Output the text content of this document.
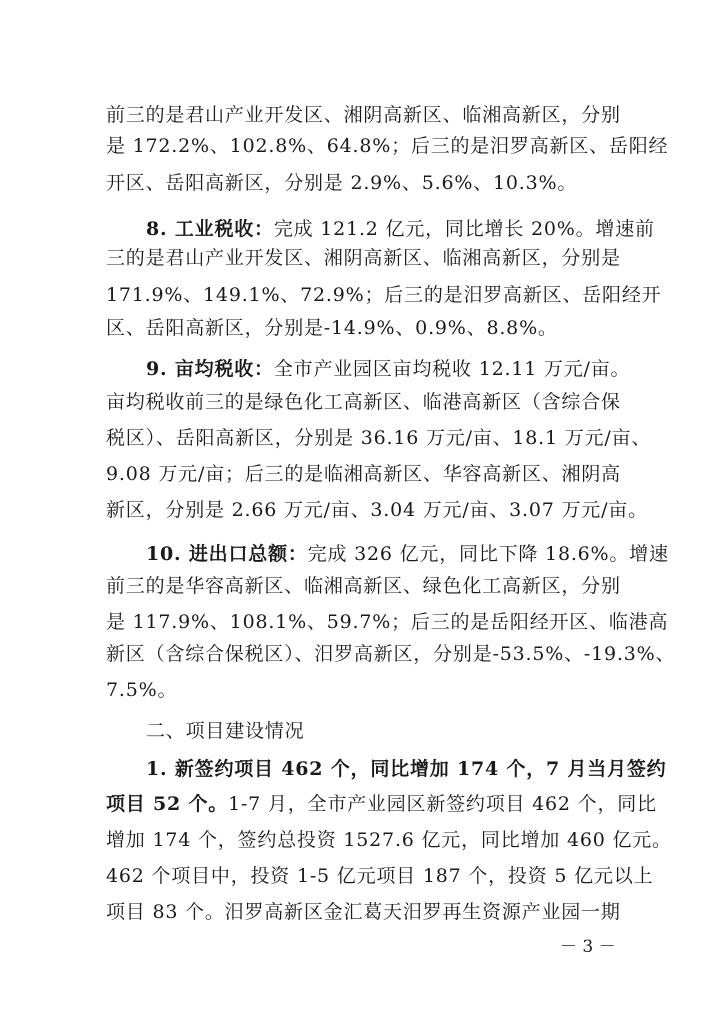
前三的是君山产业开发区、湘阴高新区、临湘高新区，分别
是 172.2%、102.8%、64.8%；后三的是汨罗高新区、岳阳经
开区、岳阳高新区，分别是 2.9%、5.6%、10.3%。
8. 工业税收：完成 121.2 亿元，同比增长 20%。增速前
三的是君山产业开发区、湘阴高新区、临湘高新区，分别是
171.9%、149.1%、72.9%；后三的是汨罗高新区、岳阳经开
区、岳阳高新区，分别是-14.9%、0.9%、8.8%。
9. 亩均税收：全市产业园区亩均税收 12.11 万元/亩。
亩均税收前三的是绿色化工高新区、临港高新区（含综合保
税区）、岳阳高新区，分别是 36.16 万元/亩、18.1 万元/亩、
9.08 万元/亩；后三的是临湘高新区、华容高新区、湘阴高
新区，分别是 2.66 万元/亩、3.04 万元/亩、3.07 万元/亩。
10. 进出口总额：完成 326 亿元，同比下降 18.6%。增速
前三的是华容高新区、临湘高新区、绿色化工高新区，分别
是 117.9%、108.1%、59.7%；后三的是岳阳经开区、临港高
新区（含综合保税区）、汨罗高新区，分别是-53.5%、-19.3%、
7.5%。
二、项目建设情况
1. 新签约项目 462 个，同比增加 174 个，7 月当月签约
项目 52 个。1-7 月，全市产业园区新签约项目 462 个，同比
增加 174 个，签约总投资 1527.6 亿元，同比增加 460 亿元。
462 个项目中，投资 1-5 亿元项目 187 个，投资 5 亿元以上
项目 83 个。汨罗高新区金汇葛天汨罗再生资源产业园一期
－ 3 －
